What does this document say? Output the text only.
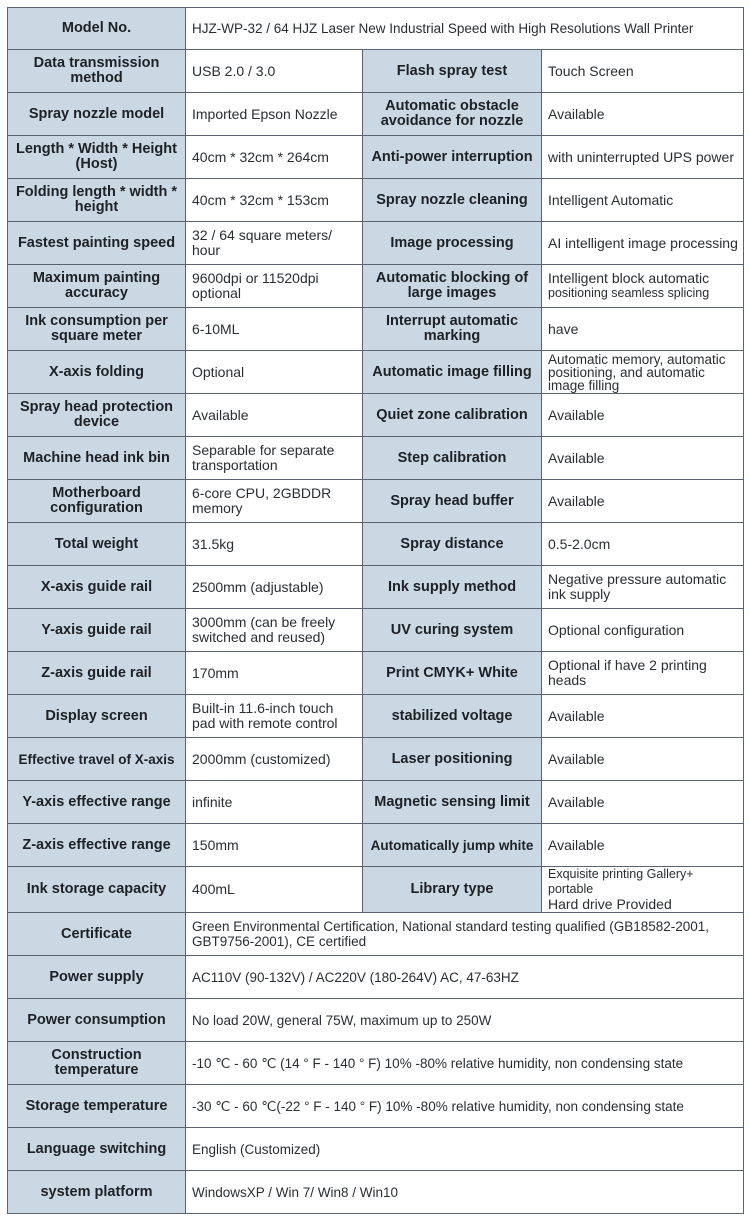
Model No.	HJZ-WP-32 / 64 HJZ Laser New Industrial Speed with High Resolutions Wall Printer		
Data transmission method	USB 2.0 / 3.0	Flash spray test	Touch Screen
Spray nozzle model	Imported Epson Nozzle	Automatic obstacle avoidance for nozzle	Available
Length * Width * Height (Host)	40cm * 32cm * 264cm	Anti-power interruption	with uninterrupted UPS power
Folding length * width * height	40cm * 32cm * 153cm	Spray nozzle cleaning	Intelligent Automatic
Fastest painting speed	32 / 64 square meters/ hour	Image processing	AI intelligent image processing
Maximum painting accuracy	9600dpi or 11520dpi optional	Automatic blocking of large images	Intelligent block automatic
positioning seamless splicing

Ink consumption per square meter	6-10ML	Interrupt automatic marking	have
X-axis folding	Optional	Automatic image filling	Automatic memory, automatic positioning, and automatic image filling
Spray head protection device	Available	Quiet zone calibration	Available
Machine head ink bin	Separable for separate transportation	Step calibration	Available
Motherboard configuration	6-core CPU, 2GBDDR memory	Spray head buffer	Available
Total weight	31.5kg	Spray distance	0.5-2.0cm
X-axis guide rail	2500mm (adjustable)	Ink supply method	Negative pressure automatic ink supply
Y-axis guide rail	3000mm (can be freely switched and reused)	UV curing system	Optional configuration
Z-axis guide rail	170mm	Print CMYK+ White	Optional if have 2 printing heads
Display screen	Built-in 11.6-inch touch pad with remote control	stabilized voltage	Available
Effective travel of X-axis	2000mm (customized)	Laser positioning	Available
Y-axis effective range	infinite	Magnetic sensing limit	Available
Z-axis effective range	150mm	Automatically jump white	Available
Ink storage capacity	400mL	Library type	Exquisite printing Gallery+ portable
Hard drive Provided

Certificate	Green Environmental Certification, National standard testing qualified (GB18582-2001, GBT9756-2001), CE certified		
Power supply	AC110V (90-132V) / AC220V (180-264V) AC, 47-63HZ		
Power consumption	No load 20W, general 75W, maximum up to 250W		
Construction temperature	-10 ℃ - 60 ℃ (14 ° F - 140 ° F) 10% -80% relative humidity, non condensing state		
Storage temperature	-30 ℃ - 60 ℃(-22 ° F - 140 ° F) 10% -80% relative humidity, non condensing state		
Language switching	English (Customized)		
system platform	WindowsXP / Win 7/ Win8 / Win10		
